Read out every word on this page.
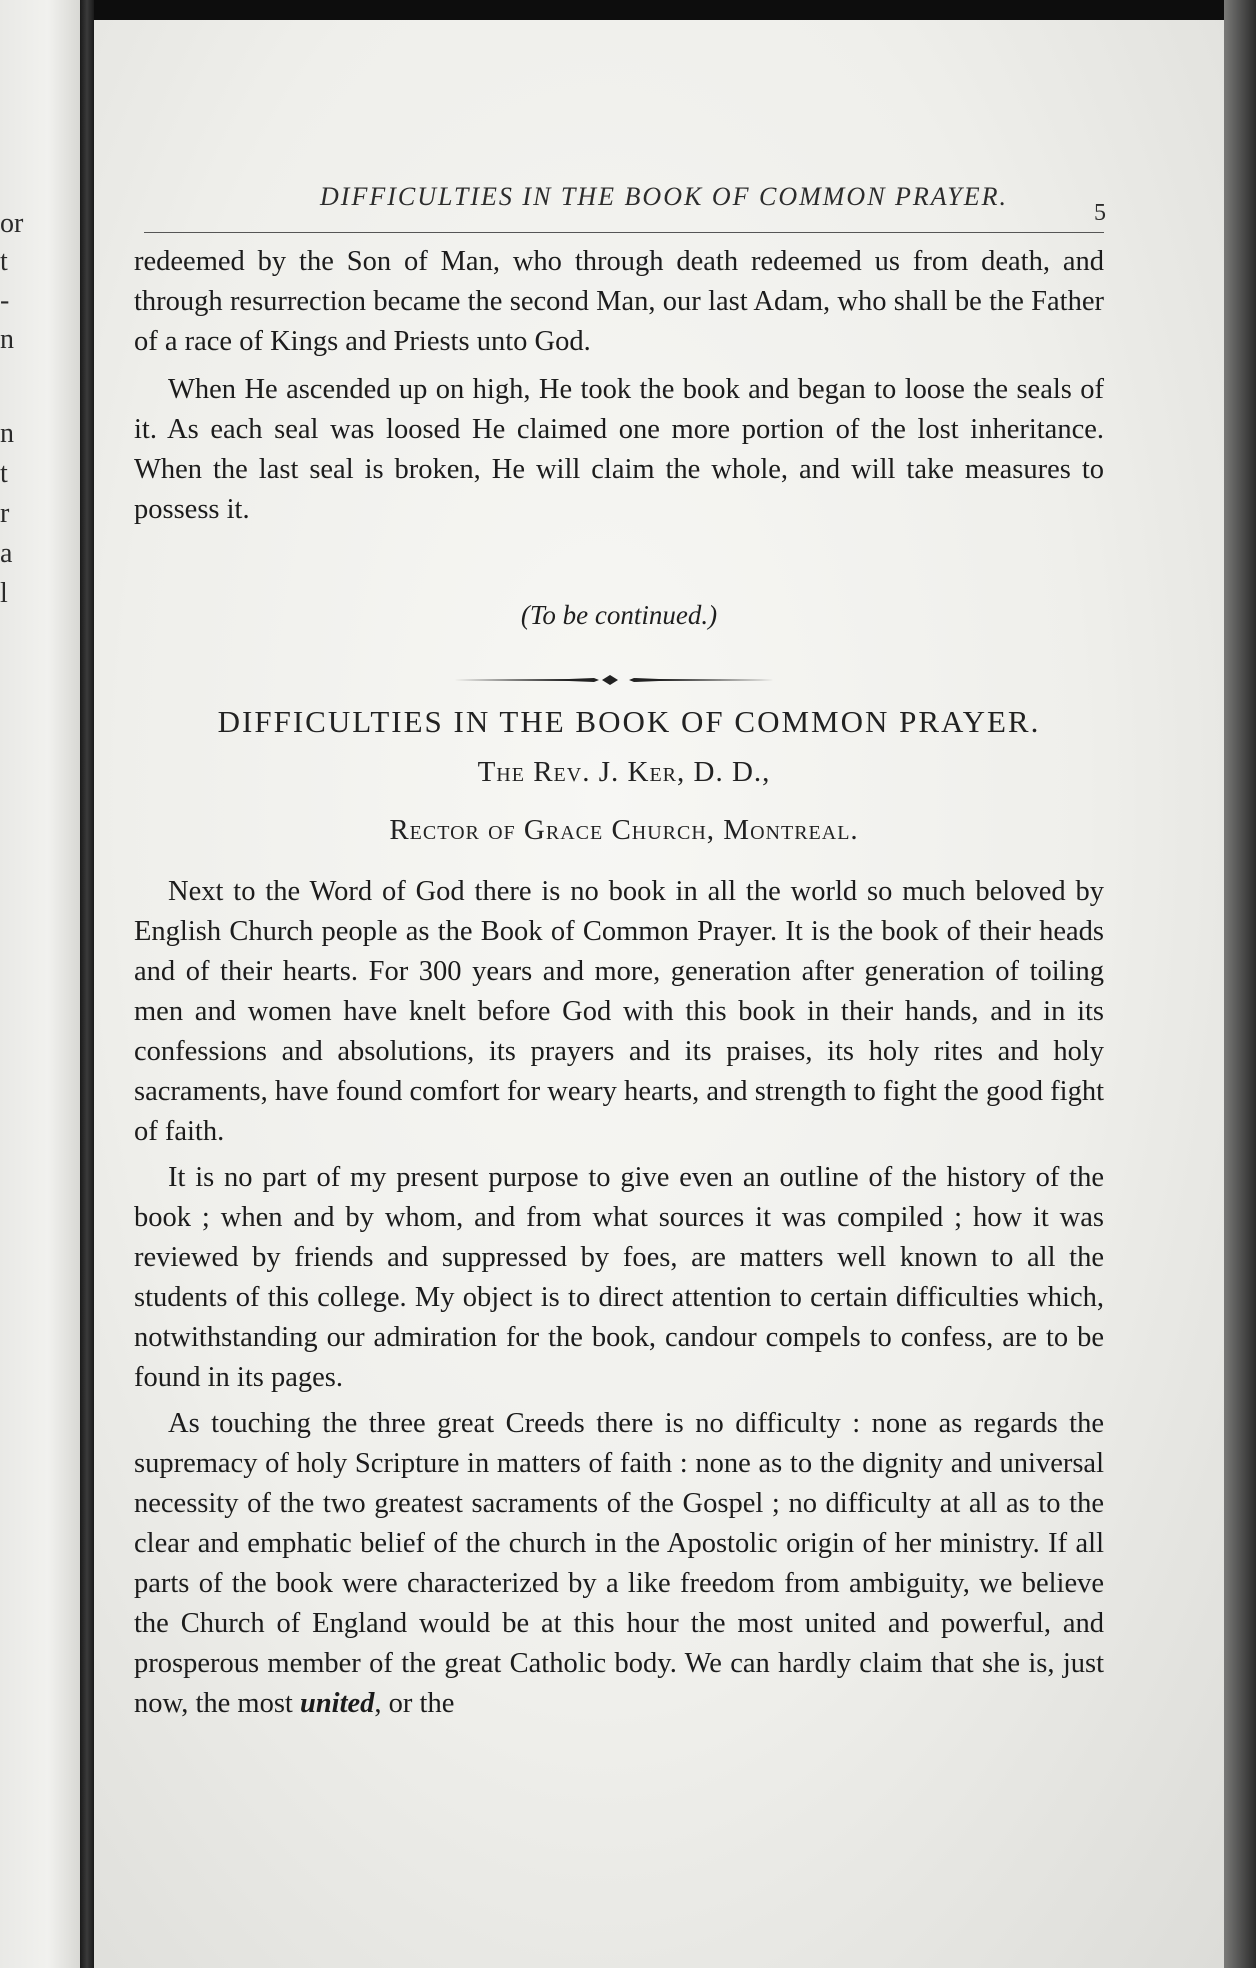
or
t
-
n
n
t
r
a
l
DIFFICULTIES IN THE BOOK OF COMMON PRAYER.
5

redeemed by the Son of Man, who through death redeemed us from death, and through resurrection became the second Man, our last Adam, who shall be the Father of a race of Kings and Priests unto God.

When He ascended up on high, He took the book and began to loose the seals of it. As each seal was loosed He claimed one more portion of the lost inheritance. When the last seal is broken, He will claim the whole, and will take measures to possess it.

(To be continued.)
DIFFICULTIES IN THE BOOK OF COMMON PRAYER.
The Rev. J. Ker, D. D.,
Rector of Grace Church, Montreal.

Next to the Word of God there is no book in all the world so much beloved by English Church people as the Book of Common Prayer. It is the book of their heads and of their hearts. For 300 years and more, generation after generation of toiling men and women have knelt before God with this book in their hands, and in its confessions and absolutions, its prayers and its praises, its holy rites and holy sacraments, have found comfort for weary hearts, and strength to fight the good fight of faith.

It is no part of my present purpose to give even an outline of the history of the book ; when and by whom, and from what sources it was compiled ; how it was reviewed by friends and suppressed by foes, are matters well known to all the students of this college. My object is to direct attention to certain difficulties which, notwithstanding our admiration for the book, candour compels to confess, are to be found in its pages.

As touching the three great Creeds there is no difficulty : none as regards the supremacy of holy Scripture in matters of faith : none as to the dignity and universal necessity of the two greatest sacraments of the Gospel ; no difficulty at all as to the clear and emphatic belief of the church in the Apostolic origin of her ministry. If all parts of the book were characterized by a like freedom from ambiguity, we believe the Church of England would be at this hour the most united and powerful, and prosperous member of the great Catholic body. We can hardly claim that she is, just now, the most united, or the
